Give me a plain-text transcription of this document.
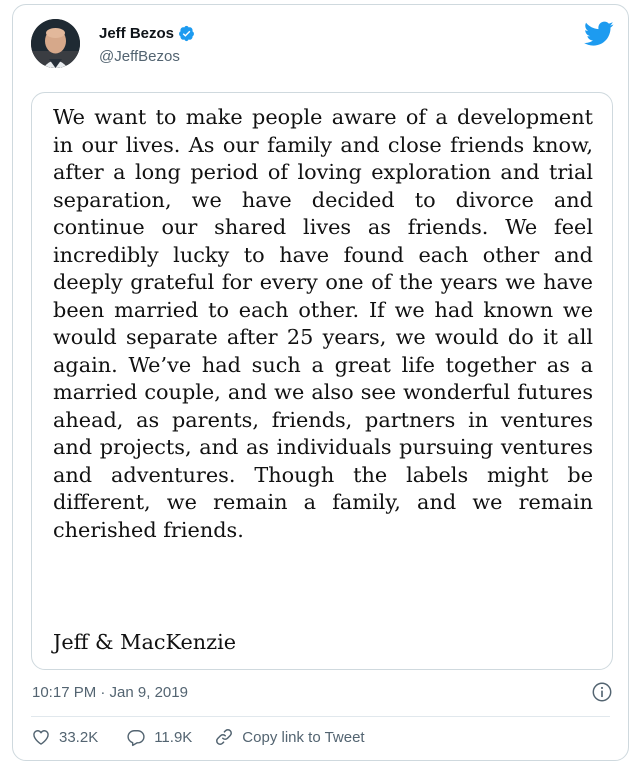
Jeff Bezos
@JeffBezos
We want to make people aware of a development in our lives. As our family and close friends know, after a long period of loving exploration and trial separation, we have decided to divorce and continue our shared lives as friends. We feel incredibly lucky to have found each other and deeply grateful for every one of the years we have been married to each other. If we had known we would separate after 25 years, we would do it all again. We’ve had such a great life together as a married couple, and we also see wonderful futures ahead, as parents, friends, partners in ventures and projects, and as individuals pursuing ventures and adventures. Though the labels might be different, we remain a family, and we remain cherished friends.
Jeff & MacKenzie
10:17 PM · Jan 9, 2019
33.2K	11.9K	Copy link to Tweet
